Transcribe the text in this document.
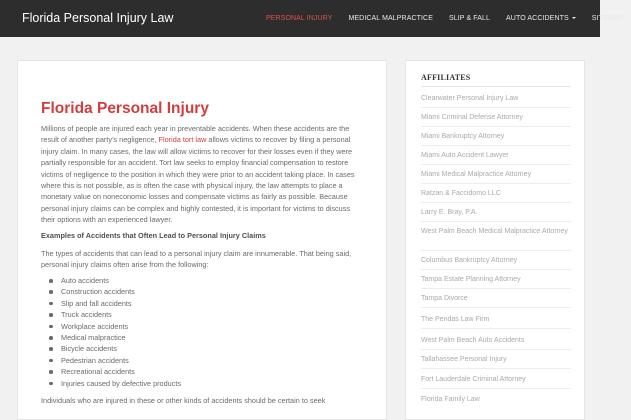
Florida Personal Injury Law	PERSONAL INJURY	MEDICAL MALPRACTICE	SLIP & FALL	AUTO ACCIDENTS	SITEMAP
Florida Personal Injury

Millions of people are injured each year in preventable accidents. When these accidents are the result of another party’s negligence, Florida tort law allows victims to recover by filing a personal injury claim. In many cases, the law will allow victims to recover for their losses even if they were partially responsible for an accident. Tort law seeks to employ financial compensation to restore victims of negligence to the position in which they were prior to an accident taking place. In cases where this is not possible, as is often the case with physical injury, the law attempts to place a monetary value on noneconomic losses and compensate victims as fairly as possible. Because personal injury claims can be complex and highly contested, it is important for victims to discuss their options with an experienced lawyer.

Examples of Accidents that Often Lead to Personal Injury Claims

The types of accidents that can lead to a personal injury claim are innumerable. That being said, personal injury claims often arise from the following:

Auto accidents
Construction accidents
Slip and fall accidents
Truck accidents
Workplace accidents
Medical malpractice
Bicycle accidents
Pedestrian accidents
Recreational accidents
Injuries caused by defective products

Individuals who are injured in these or other kinds of accidents should be certain to seek

AFFILIATES
Clearwater Personal Injury Law
Miami Criminal Defense Attorney
Miami Bankruptcy Attorney
Miami Auto Accident Lawyer
Miami Medical Malpractice Attorney
Ratzan & Faccidomo LLC
Larry E. Bray, P.A.
West Palm Beach Medical Malpractice Attorney
Columbus Bankruptcy Attorney
Tampa Estate Planning Attorney
Tampa Divorce
The Pendas Law Firm
West Palm Beach Auto Accidents
Tallahassee Personal Injury
Fort Lauderdale Criminal Attorney
Florida Family Law
